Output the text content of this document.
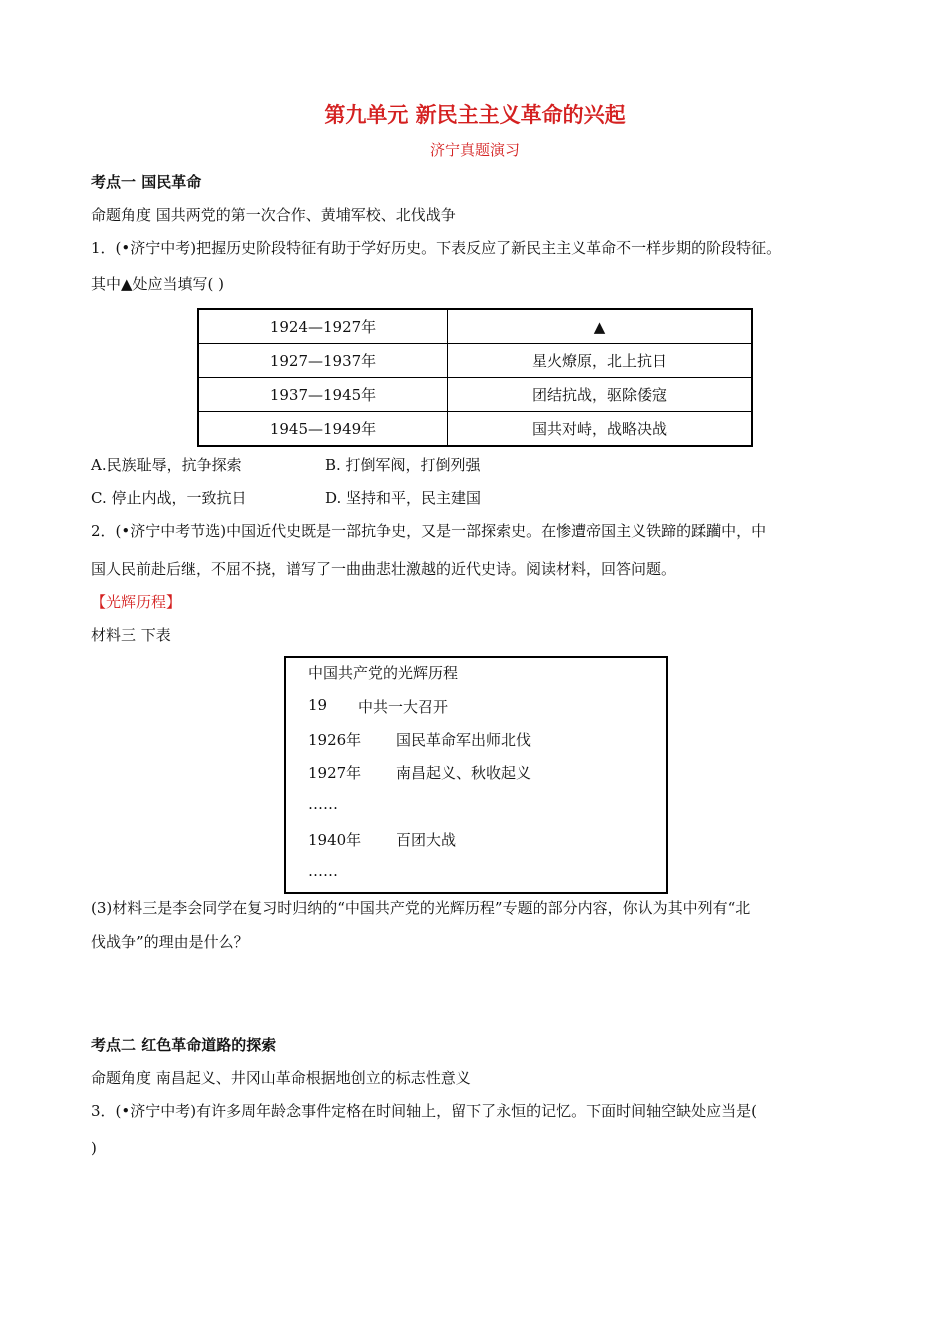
第九单元 新民主主义革命的兴起
济宁真题演习
考点一 国民革命
命题角度 国共两党的第一次合作、黄埔军校、北伐战争
1．(•济宁中考)把握历史阶段特征有助于学好历史。下表反应了新民主主义革命不一样步期的阶段特征。
其中▲处应当填写( )
1924—1927年	▲
1927—1937年	星火燎原，北上抗日
1937—1945年	团结抗战，驱除倭寇
1945—1949年	国共对峙，战略决战
A.民族耻辱，抗争探索	B. 打倒军阀，打倒列强
C. 停止内战，一致抗日	D. 坚持和平，民主建国
2．(•济宁中考节选)中国近代史既是一部抗争史，又是一部探索史。在惨遭帝国主义铁蹄的蹂躏中，中
国人民前赴后继，不屈不挠，谱写了一曲曲悲壮激越的近代史诗。阅读材料，回答问题。
【光辉历程】
材料三 下表
中国共产党的光辉历程
19 中共一大召开
1926年 国民革命军出师北伐
1927年 南昌起义、秋收起义
……
1940年 百团大战
……
(3)材料三是李会同学在复习时归纳的“中国共产党的光辉历程”专题的部分内容，你认为其中列有“北
伐战争”的理由是什么？
考点二 红色革命道路的探索
命题角度 南昌起义、井冈山革命根据地创立的标志性意义
3．(•济宁中考)有许多周年龄念事件定格在时间轴上，留下了永恒的记忆。下面时间轴空缺处应当是(
)
